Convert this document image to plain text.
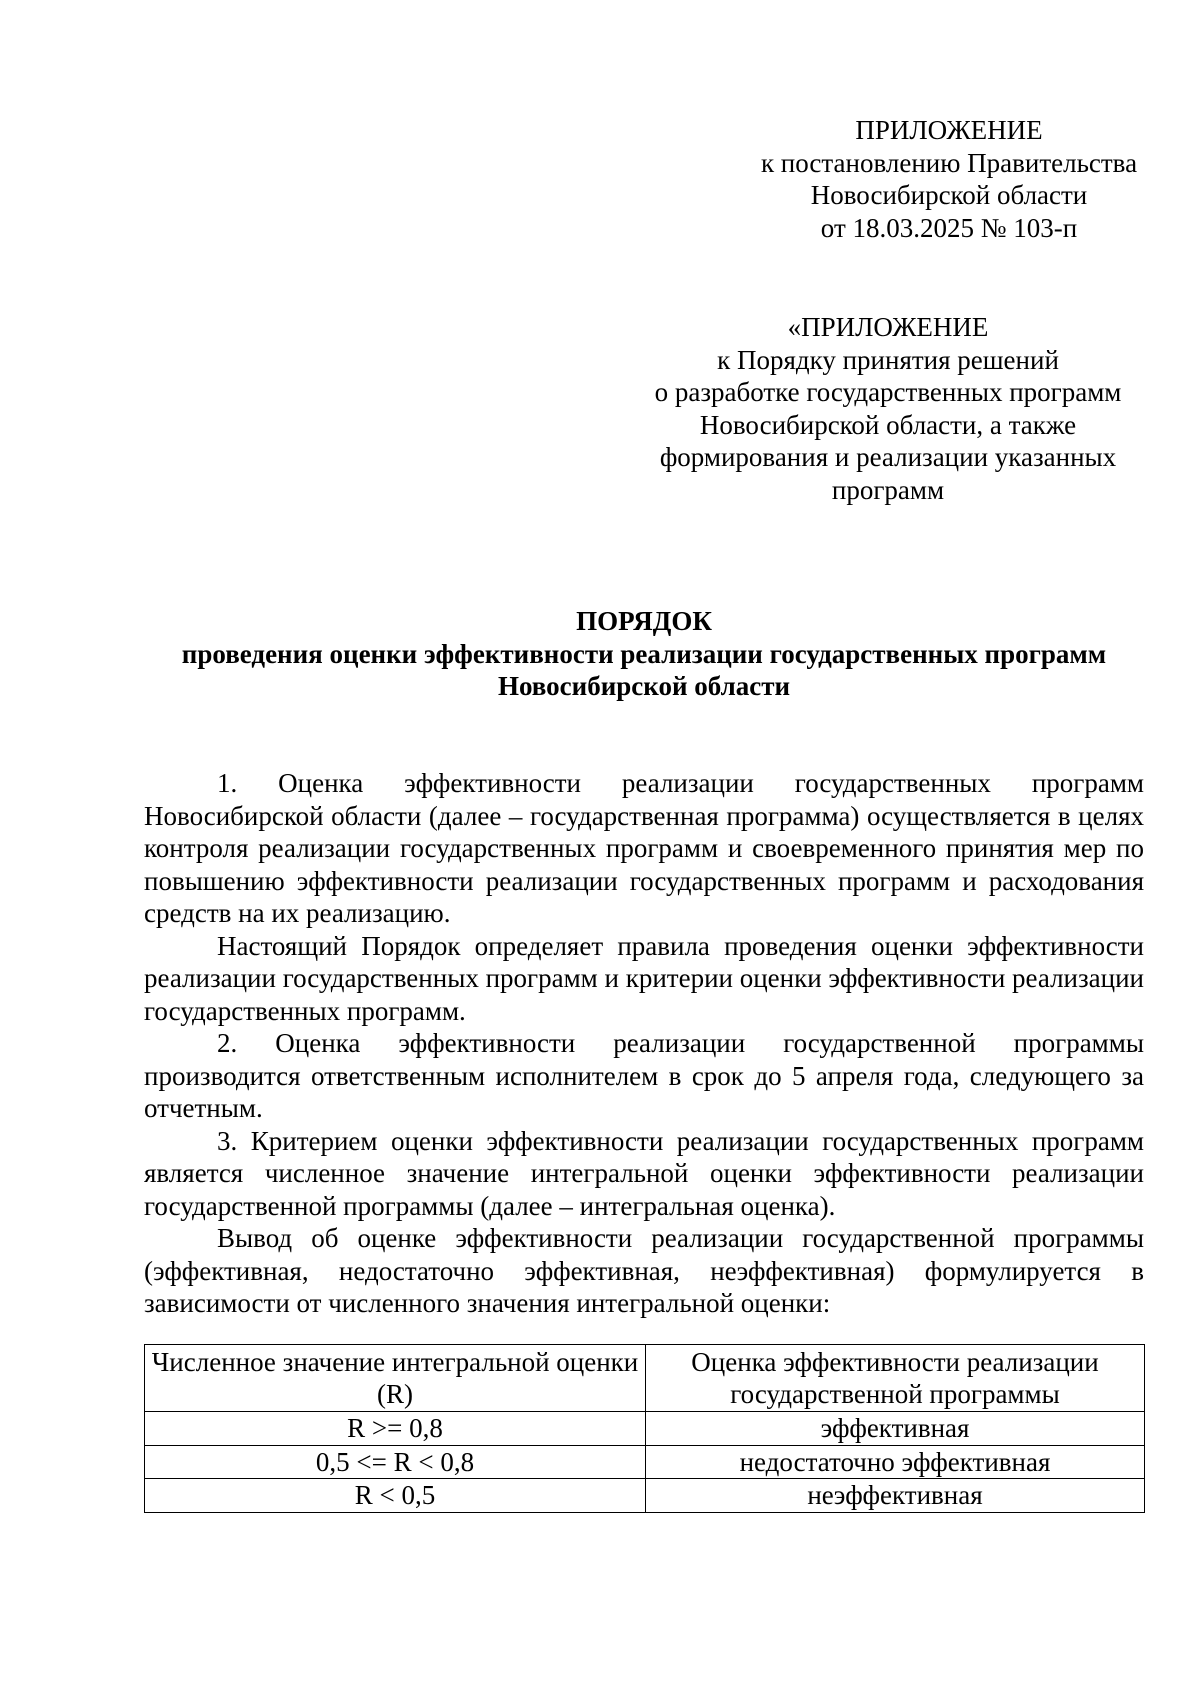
ПРИЛОЖЕНИЕ
к постановлению Правительства
Новосибирской области
от 18.03.2025 № 103-п
«ПРИЛОЖЕНИЕ
к Порядку принятия решений
о разработке государственных программ
Новосибирской области, а также
формирования и реализации указанных
программ
ПОРЯДОК
проведения оценки эффективности реализации государственных программ
Новосибирской области

1. Оценка эффективности реализации государственных программ Новосибирской области (далее – государственная программа) осуществляется в целях контроля реализации государственных программ и своевременного принятия мер по повышению эффективности реализации государственных программ и расходования средств на их реализацию.

Настоящий Порядок определяет правила проведения оценки эффективности реализации государственных программ и критерии оценки эффективности реализации государственных программ.

2. Оценка эффективности реализации государственной программы производится ответственным исполнителем в срок до 5 апреля года, следующего за отчетным.

3. Критерием оценки эффективности реализации государственных программ является численное значение интегральной оценки эффективности реализации государственной программы (далее – интегральная оценка).

Вывод об оценке эффективности реализации государственной программы (эффективная, недостаточно эффективная, неэффективная) формулируется в зависимости от численного значения интегральной оценки:

Численное значение интегральной оценки (R)	Оценка эффективности реализации государственной программы
R >= 0,8	эффективная
0,5 <= R < 0,8	недостаточно эффективная
R < 0,5	неэффективная
